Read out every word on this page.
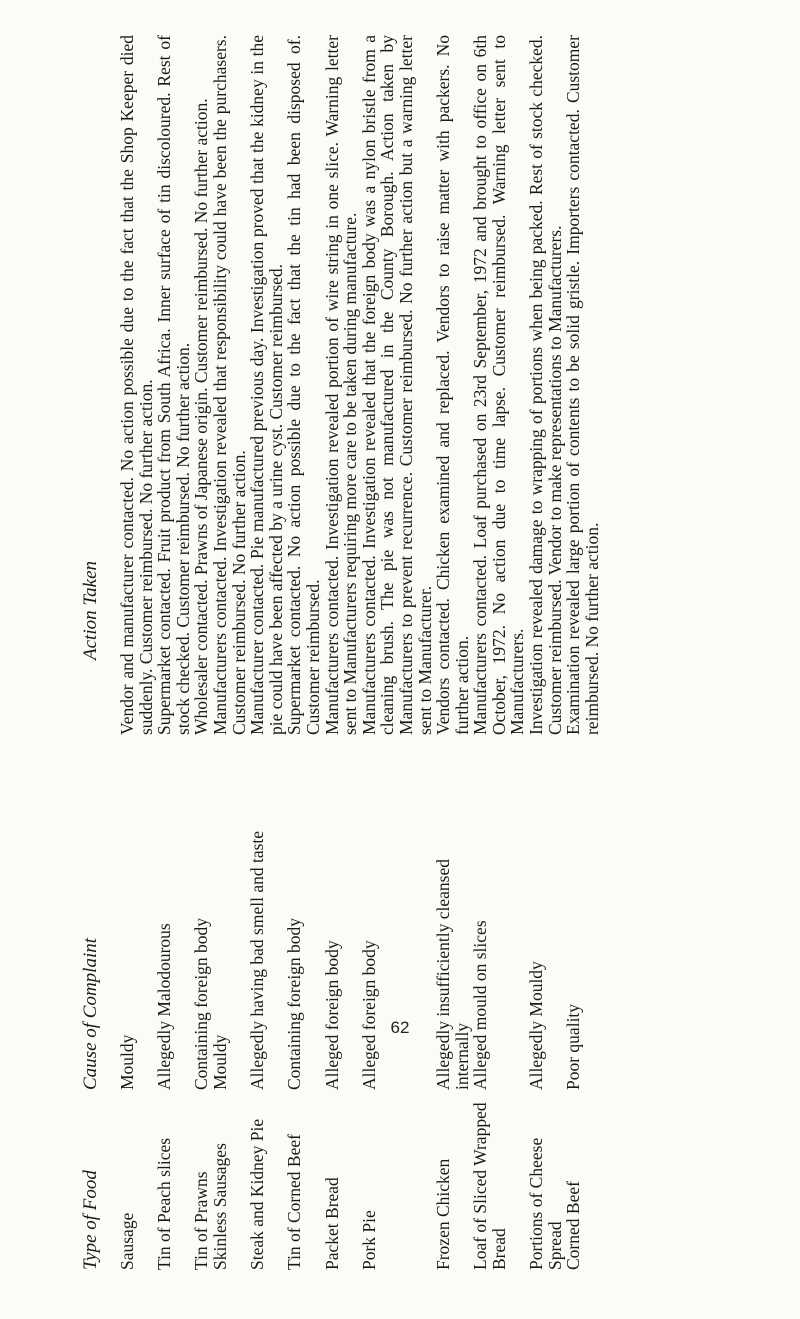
Type of Food
Cause of Complaint
Action Taken
Sausage
Mouldy
Vendor and manufacturer contacted. No action possible due to the fact that the Shop Keeper died suddenly. Customer reimbursed. No further action.
Tin of Peach slices
Allegedly Malodourous
Supermarket contacted. Fruit product from South Africa. Inner surface of tin discoloured. Rest of stock checked. Customer reimbursed. No further action.
Tin of Prawns
Containing foreign body
Wholesaler contacted. Prawns of Japanese origin. Customer reimbursed. No further action.
Skinless Sausages
Mouldy
Manufacturers contacted. Investigation revealed that responsibility could have been the purchasers. Customer reimbursed. No further action.
Steak and Kidney Pie
Allegedly having bad smell and taste
Manufacturer contacted. Pie manufactured previous day. Investigation proved that the kidney in the pie could have been affected by a urine cyst. Customer reimbursed.
Tin of Corned Beef
Containing foreign body
Supermarket contacted. No action possible due to the fact that the tin had been disposed of. Customer reimbursed.
Packet Bread
Alleged foreign body
Manufacturers contacted. Investigation revealed portion of wire string in one slice. Warning letter sent to Manufacturers requiring more care to be taken during manufacture.
Pork Pie
Alleged foreign body
Manufacturers contacted. Investigation revealed that the foreign body was a nylon bristle from a cleaning brush. The pie was not manufactured in the County Borough. Action taken by Manufacturers to prevent recurrence. Customer reimbursed. No further action but a warning letter sent to Manufacturer.
Frozen Chicken
Allegedly insufficiently cleansed internally
Vendors contacted. Chicken examined and replaced. Vendors to raise matter with packers. No further action.
Loaf of Sliced Wrapped Bread
Alleged mould on slices
Manufacturers contacted. Loaf purchased on 23rd September, 1972 and brought to office on 6th October, 1972. No action due to time lapse. Customer reimbursed. Warning letter sent to Manufacturers.
Portions of Cheese Spread
Allegedly Mouldy
Investigation revealed damage to wrapping of portions when being packed. Rest of stock checked. Customer reimbursed. Vendor to make representations to Manufacturers.
Corned Beef
Poor quality
Examination revealed large portion of contents to be solid gristle. Importers contacted. Customer reimbursed. No further action.
62
